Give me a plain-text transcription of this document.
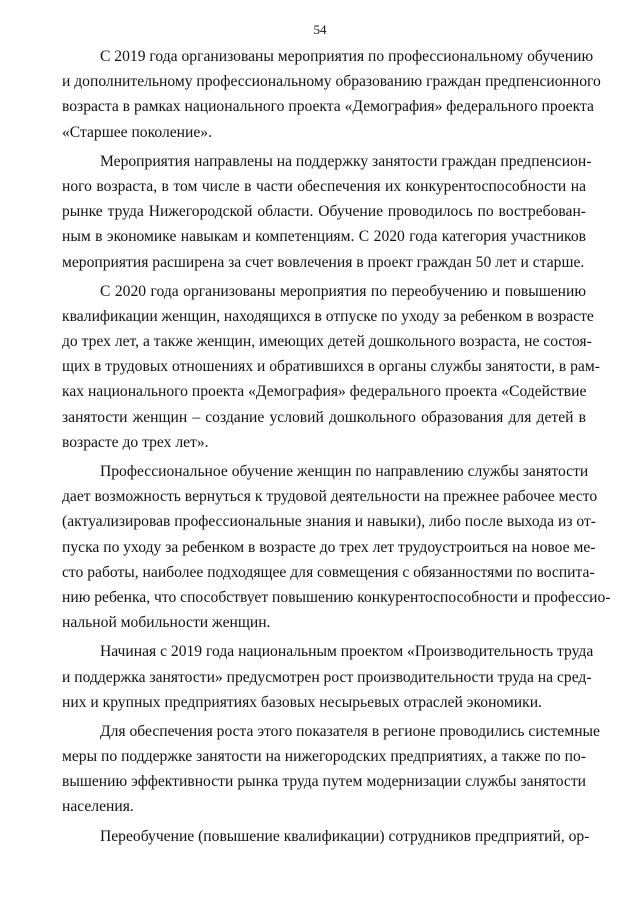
54
С 2019 года организованы мероприятия по профессиональному обучению
и дополнительному профессиональному образованию граждан предпенсионного
возраста в рамках национального проекта «Демография» федерального проекта
«Старшее поколение».
Мероприятия направлены на поддержку занятости граждан предпенсион-
ного возраста, в том числе в части обеспечения их конкурентоспособности на
рынке труда Нижегородской области. Обучение проводилось по востребован-
ным в экономике навыкам и компетенциям. С 2020 года категория участников
мероприятия расширена за счет вовлечения в проект граждан 50 лет и старше.
С 2020 года организованы мероприятия по переобучению и повышению
квалификации женщин, находящихся в отпуске по уходу за ребенком в возрасте
до трех лет, а также женщин, имеющих детей дошкольного возраста, не состоя-
щих в трудовых отношениях и обратившихся в органы службы занятости, в рам-
ках национального проекта «Демография» федерального проекта «Содействие
занятости женщин – создание условий дошкольного образования для детей в
возрасте до трех лет».
Профессиональное обучение женщин по направлению службы занятости
дает возможность вернуться к трудовой деятельности на прежнее рабочее место
(актуализировав профессиональные знания и навыки), либо после выхода из от-
пуска по уходу за ребенком в возрасте до трех лет трудоустроиться на новое ме-
сто работы, наиболее подходящее для совмещения с обязанностями по воспита-
нию ребенка, что способствует повышению конкурентоспособности и профессио-
нальной мобильности женщин.
Начиная с 2019 года национальным проектом «Производительность труда
и поддержка занятости» предусмотрен рост производительности труда на сред-
них и крупных предприятиях базовых несырьевых отраслей экономики.
Для обеспечения роста этого показателя в регионе проводились системные
меры по поддержке занятости на нижегородских предприятиях, а также по по-
вышению эффективности рынка труда путем модернизации службы занятости
населения.
Переобучение (повышение квалификации) сотрудников предприятий, ор-
